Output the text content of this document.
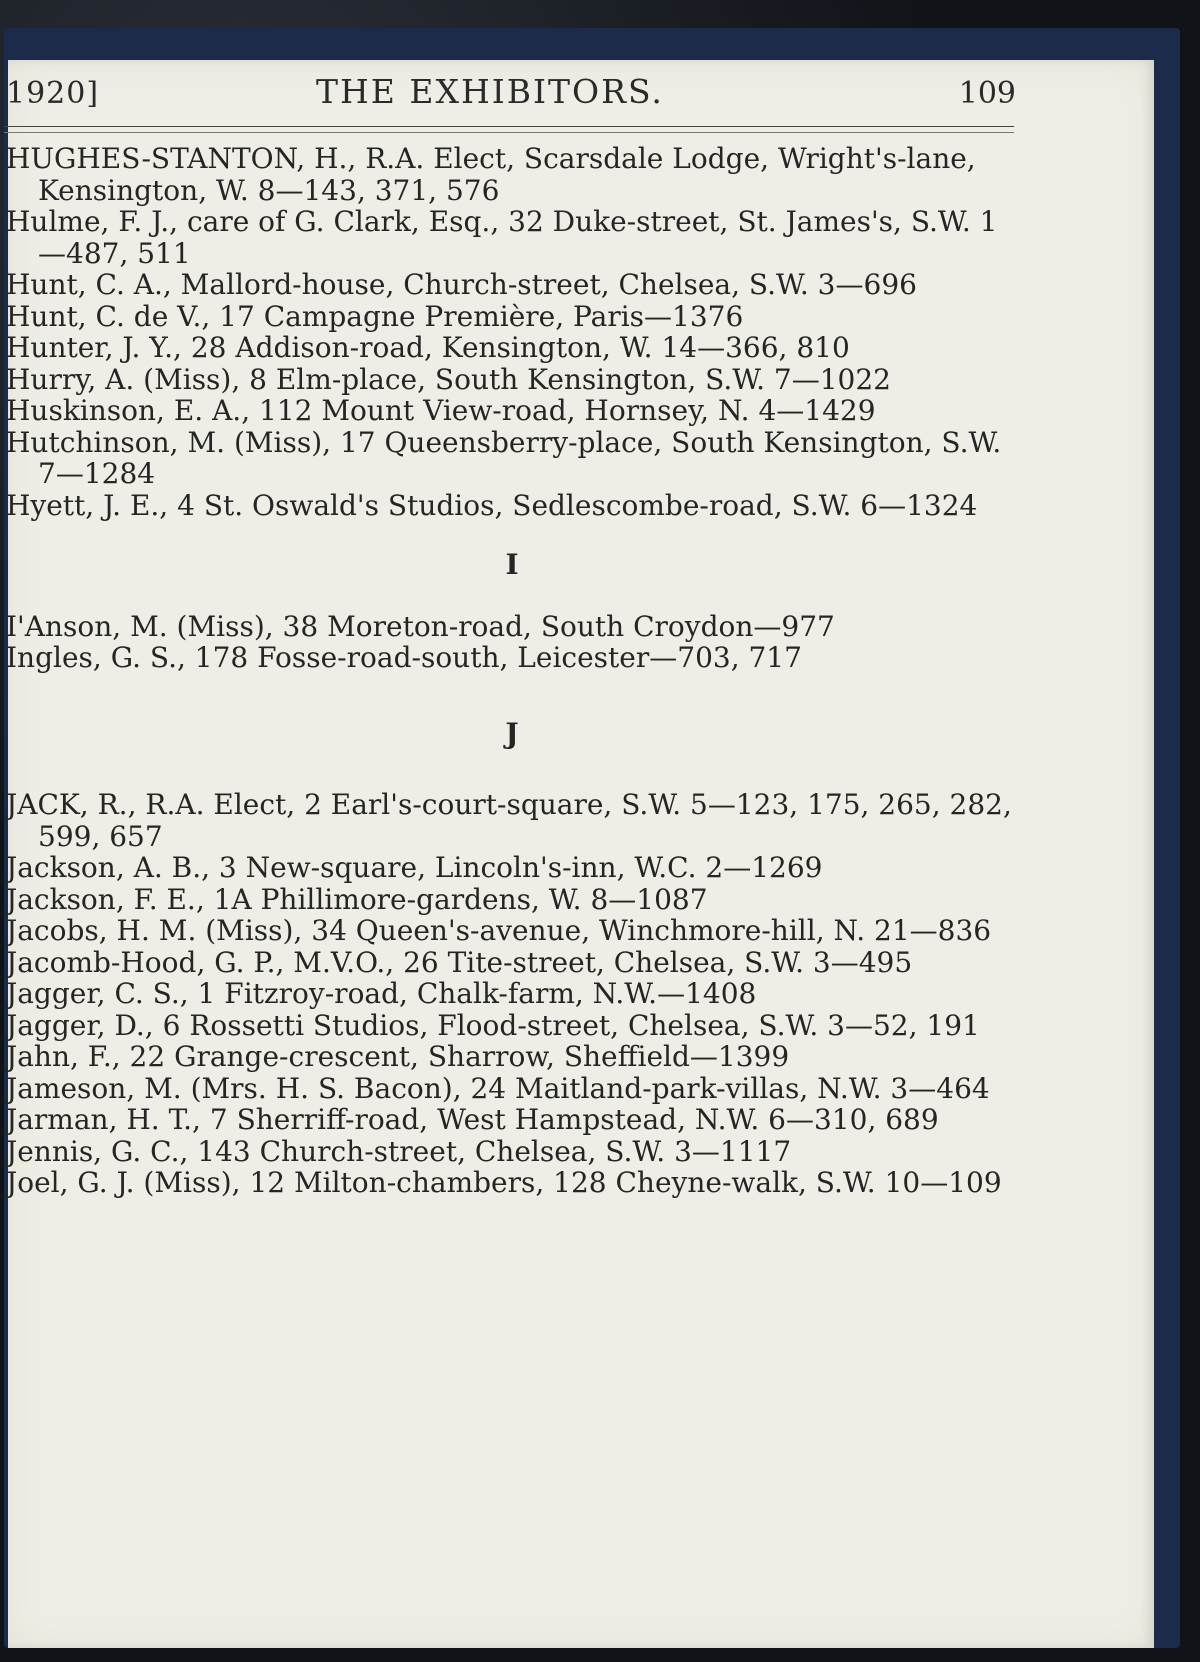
1920]	THE EXHIBITORS.	109

HUGHES-STANTON, H., R.A. Elect, Scarsdale Lodge, Wright's-lane, Kensington, W. 8—143, 371, 576

Hulme, F. J., care of G. Clark, Esq., 32 Duke-street, St. James's, S.W. 1—487, 511

Hunt, C. A., Mallord-house, Church-street, Chelsea, S.W. 3—696

Hunt, C. de V., 17 Campagne Première, Paris—1376

Hunter, J. Y., 28 Addison-road, Kensington, W. 14—366, 810

Hurry, A. (Miss), 8 Elm-place, South Kensington, S.W. 7—1022

Huskinson, E. A., 112 Mount View-road, Hornsey, N. 4—1429

Hutchinson, M. (Miss), 17 Queensberry-place, South Kensington, S.W. 7—1284

Hyett, J. E., 4 St. Oswald's Studios, Sedlescombe-road, S.W. 6—1324

I

I'Anson, M. (Miss), 38 Moreton-road, South Croydon—977

Ingles, G. S., 178 Fosse-road-south, Leicester—703, 717

J

JACK, R., R.A. Elect, 2 Earl's-court-square, S.W. 5—123, 175, 265, 282, 599, 657

Jackson, A. B., 3 New-square, Lincoln's-inn, W.C. 2—1269

Jackson, F. E., 1A Phillimore-gardens, W. 8—1087

Jacobs, H. M. (Miss), 34 Queen's-avenue, Winchmore-hill, N. 21—836

Jacomb-Hood, G. P., M.V.O., 26 Tite-street, Chelsea, S.W. 3—495

Jagger, C. S., 1 Fitzroy-road, Chalk-farm, N.W.—1408

Jagger, D., 6 Rossetti Studios, Flood-street, Chelsea, S.W. 3—52, 191

Jahn, F., 22 Grange-crescent, Sharrow, Sheffield—1399

Jameson, M. (Mrs. H. S. Bacon), 24 Maitland-park-villas, N.W. 3—464

Jarman, H. T., 7 Sherriff-road, West Hampstead, N.W. 6—310, 689

Jennis, G. C., 143 Church-street, Chelsea, S.W. 3—1117

Joel, G. J. (Miss), 12 Milton-chambers, 128 Cheyne-walk, S.W. 10—109
